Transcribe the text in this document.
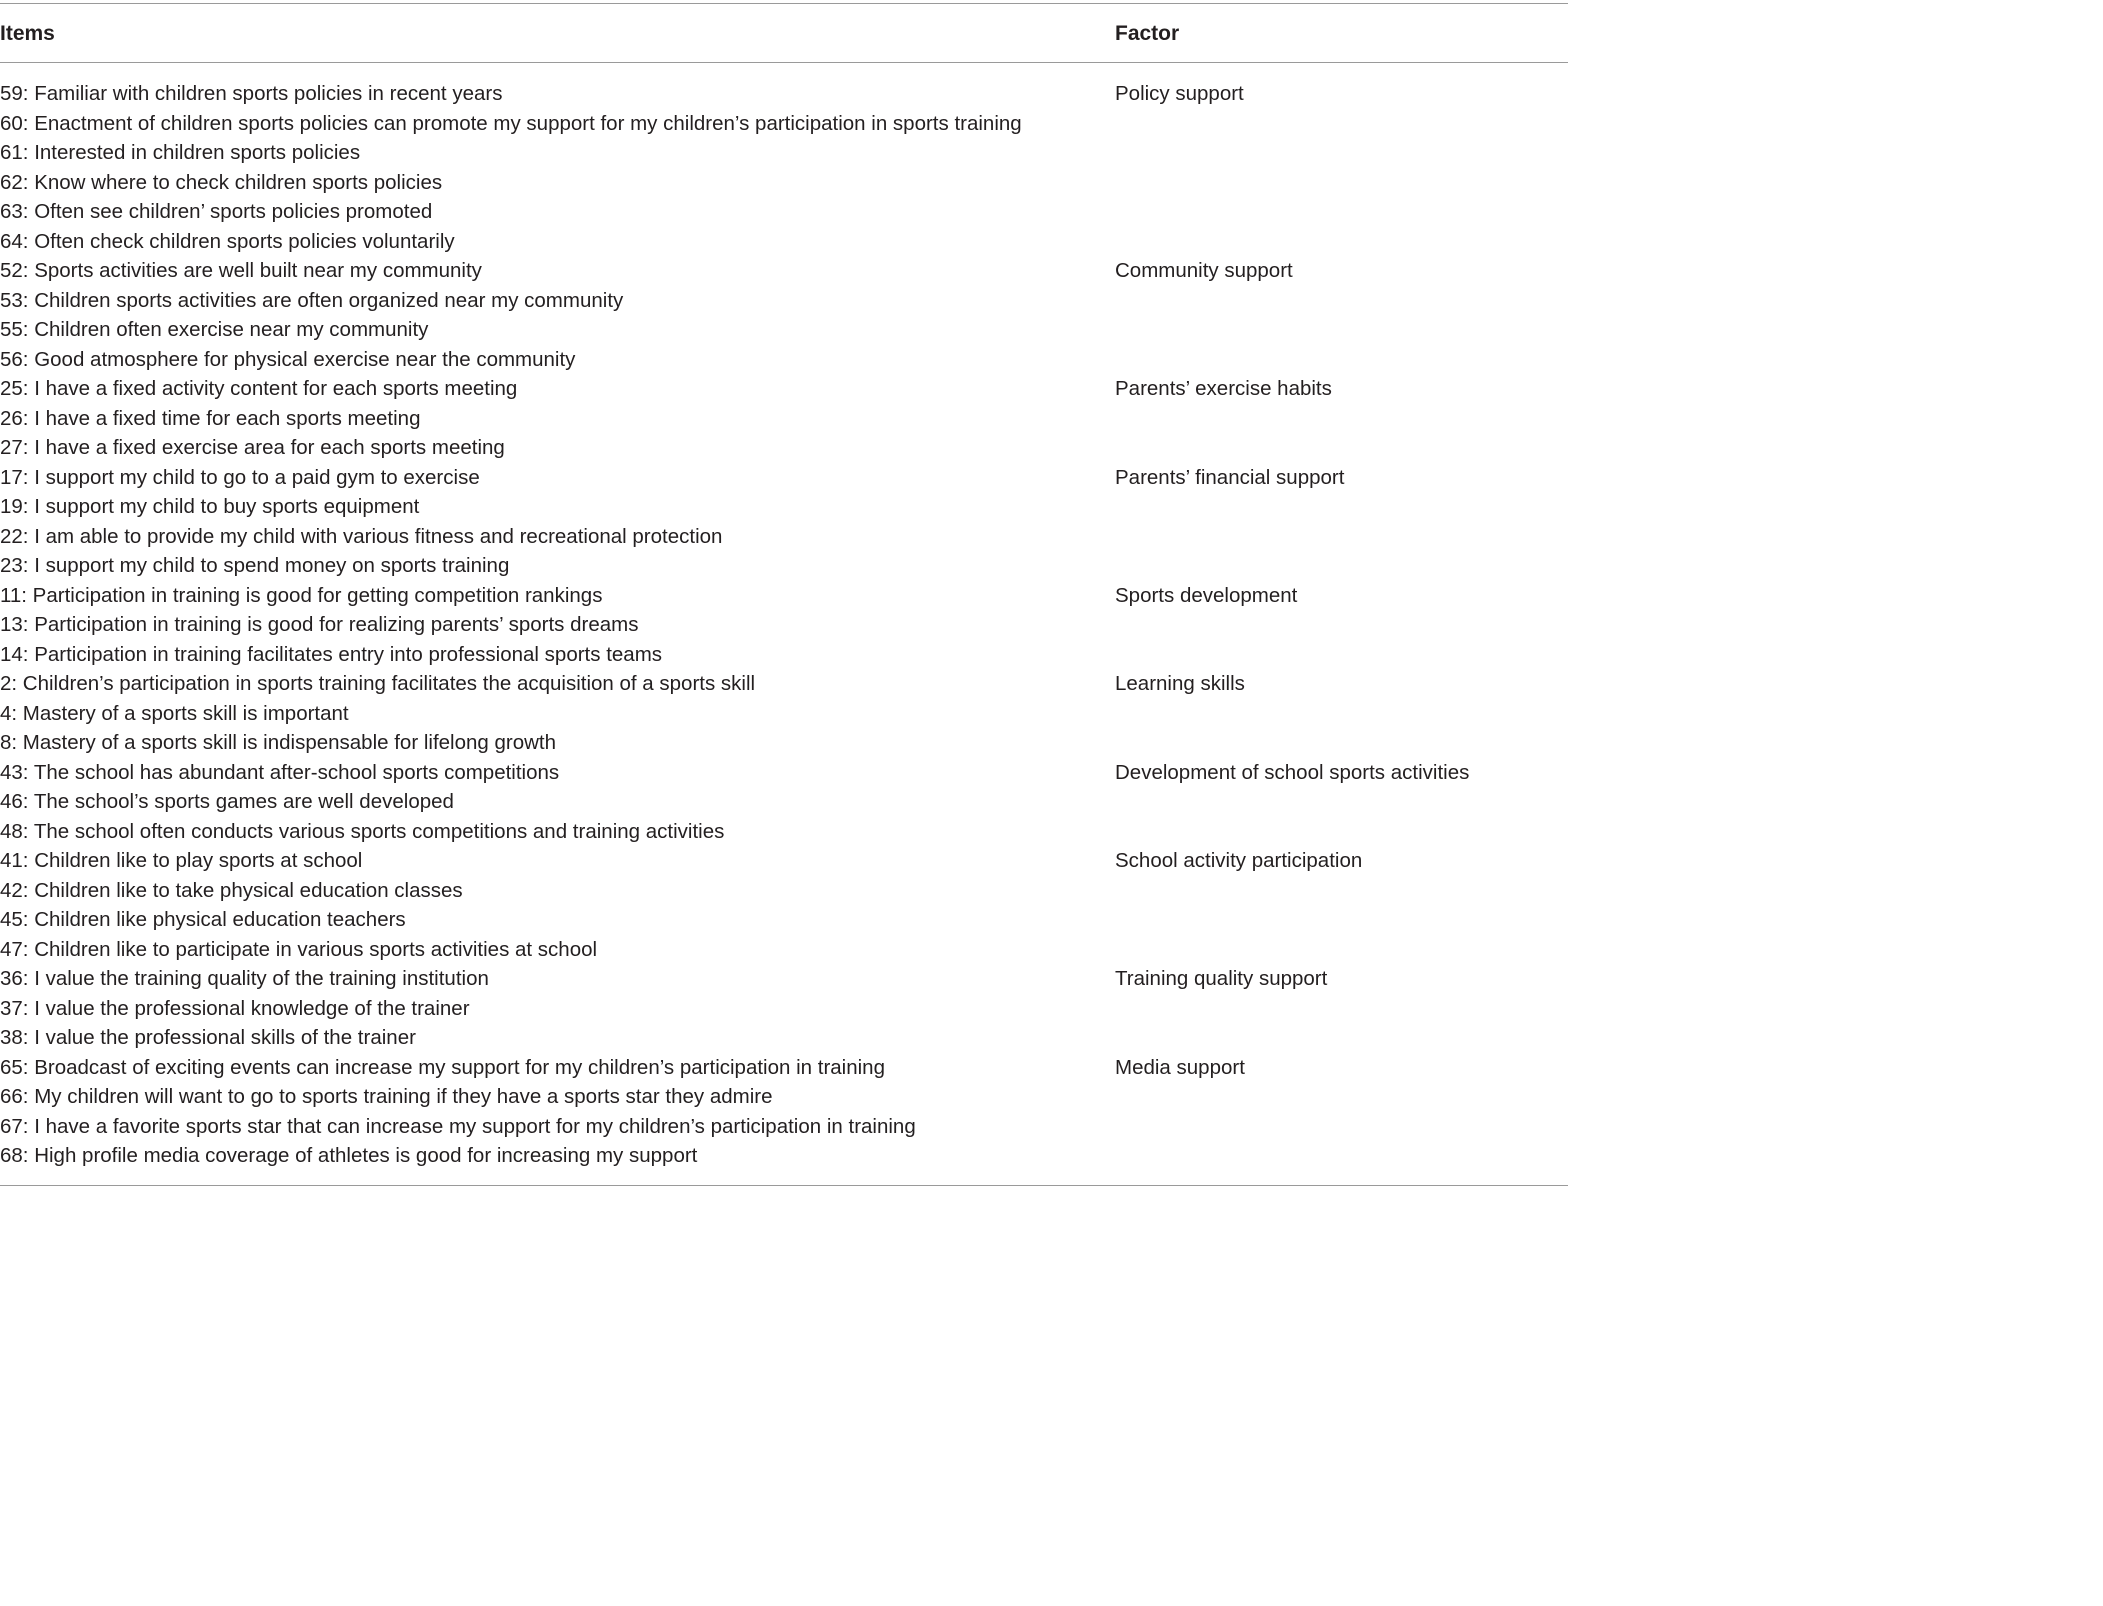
Items	Factor
59: Familiar with children sports policies in recent years	Policy support
60: Enactment of children sports policies can promote my support for my children’s participation in sports training
61: Interested in children sports policies
62: Know where to check children sports policies
63: Often see children’ sports policies promoted
64: Often check children sports policies voluntarily
52: Sports activities are well built near my community	Community support
53: Children sports activities are often organized near my community
55: Children often exercise near my community
56: Good atmosphere for physical exercise near the community
25: I have a fixed activity content for each sports meeting	Parents’ exercise habits
26: I have a fixed time for each sports meeting
27: I have a fixed exercise area for each sports meeting
17: I support my child to go to a paid gym to exercise	Parents’ financial support
19: I support my child to buy sports equipment
22: I am able to provide my child with various fitness and recreational protection
23: I support my child to spend money on sports training
11: Participation in training is good for getting competition rankings	Sports development
13: Participation in training is good for realizing parents’ sports dreams
14: Participation in training facilitates entry into professional sports teams
2: Children’s participation in sports training facilitates the acquisition of a sports skill	Learning skills
4: Mastery of a sports skill is important
8: Mastery of a sports skill is indispensable for lifelong growth
43: The school has abundant after-school sports competitions	Development of school sports activities
46: The school’s sports games are well developed
48: The school often conducts various sports competitions and training activities
41: Children like to play sports at school	School activity participation
42: Children like to take physical education classes
45: Children like physical education teachers
47: Children like to participate in various sports activities at school
36: I value the training quality of the training institution	Training quality support
37: I value the professional knowledge of the trainer
38: I value the professional skills of the trainer
65: Broadcast of exciting events can increase my support for my children’s participation in training	Media support
66: My children will want to go to sports training if they have a sports star they admire
67: I have a favorite sports star that can increase my support for my children’s participation in training
68: High profile media coverage of athletes is good for increasing my support
